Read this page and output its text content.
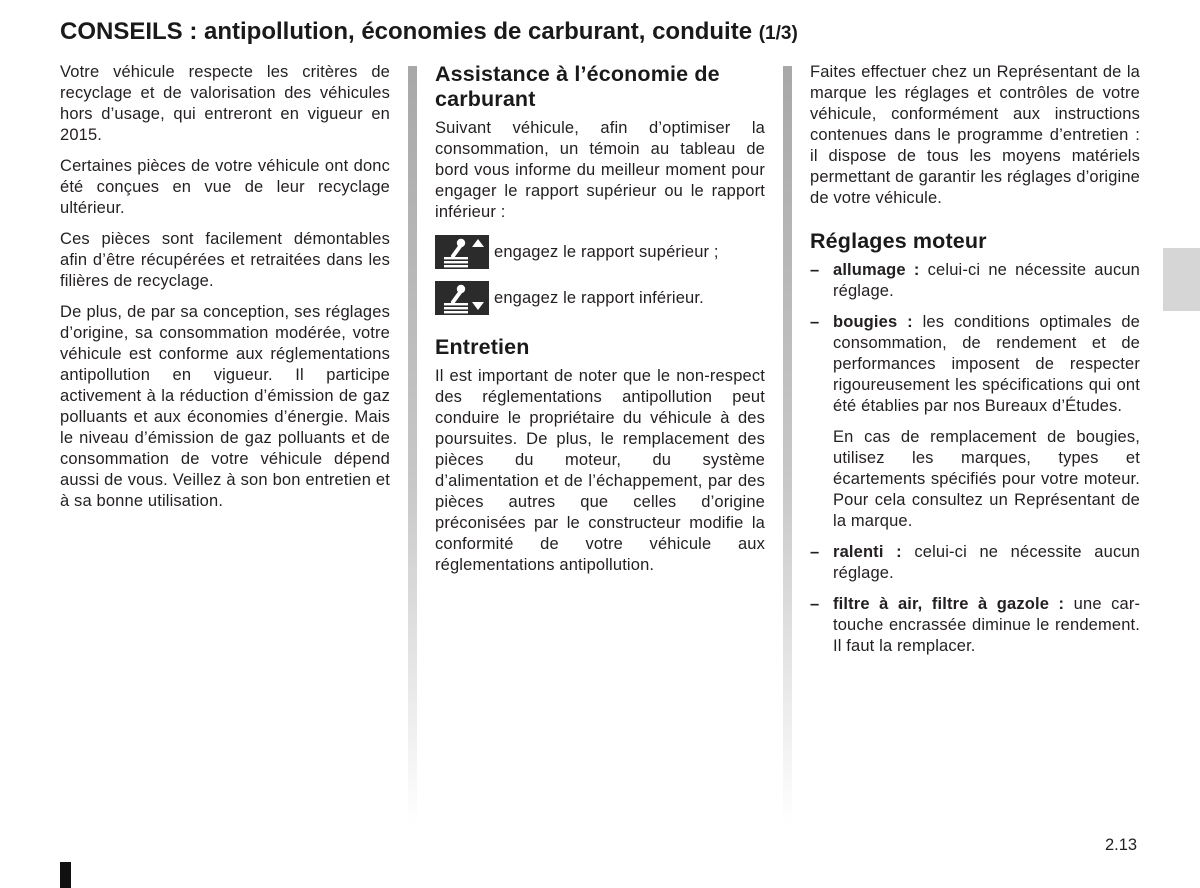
CONSEILS : antipollution, économies de carburant, conduite (1/3)

Votre véhicule respecte les critères de recyclage et de valorisation des véhicules hors d’usage, qui entreront en vigueur en 2015.

Certaines pièces de votre véhicule ont donc été conçues en vue de leur recyclage ultérieur.

Ces pièces sont facilement démontables afin d’être récupérées et retraitées dans les filières de recyclage.

De plus, de par sa conception, ses réglages d’origine, sa consommation modérée, votre véhicule est conforme aux réglementations antipollution en vigueur. Il participe activement à la réduction d’émission de gaz polluants et aux économies d’énergie. Mais le niveau d’émission de gaz polluants et de consommation de votre véhicule dépend aussi de vous. Veillez à son bon entretien et à sa bonne utilisation.

Assistance à l’économie de carburant

Suivant véhicule, afin d’optimiser la consommation, un témoin au tableau de bord vous informe du meilleur moment pour engager le rapport supérieur ou le rapport inférieur :

engagez le rapport supérieur ;
engagez le rapport inférieur.
Entretien

Il est important de noter que le non-respect des réglementations antipollution peut conduire le propriétaire du véhicule à des poursuites. De plus, le remplacement des pièces du moteur, du système d’alimentation et de l’échappement, par des pièces autres que celles d’origine préconisées par le constructeur modifie la conformité de votre véhicule aux réglementations antipollution.

Faites effectuer chez un Représentant de la marque les réglages et contrôles de votre véhicule, conformément aux instructions contenues dans le programme d’entretien : il dispose de tous les moyens matériels permettant de garantir les réglages d’origine de votre véhicule.

Réglages moteur
– allumage : celui-ci ne nécessite aucun réglage.
– bougies : les conditions optimales de consommation, de rendement et de performances imposent de respecter rigoureusement les spécifications qui ont été établies par nos Bureaux d’Études.

En cas de remplacement de bougies, utilisez les marques, types et écartements spécifiés pour votre moteur. Pour cela consultez un Représentant de la marque.

– ralenti : celui-ci ne nécessite aucun réglage.
– filtre à air, filtre à gazole : une cartouche encrassée diminue le rendement. Il faut la remplacer.
2.13
